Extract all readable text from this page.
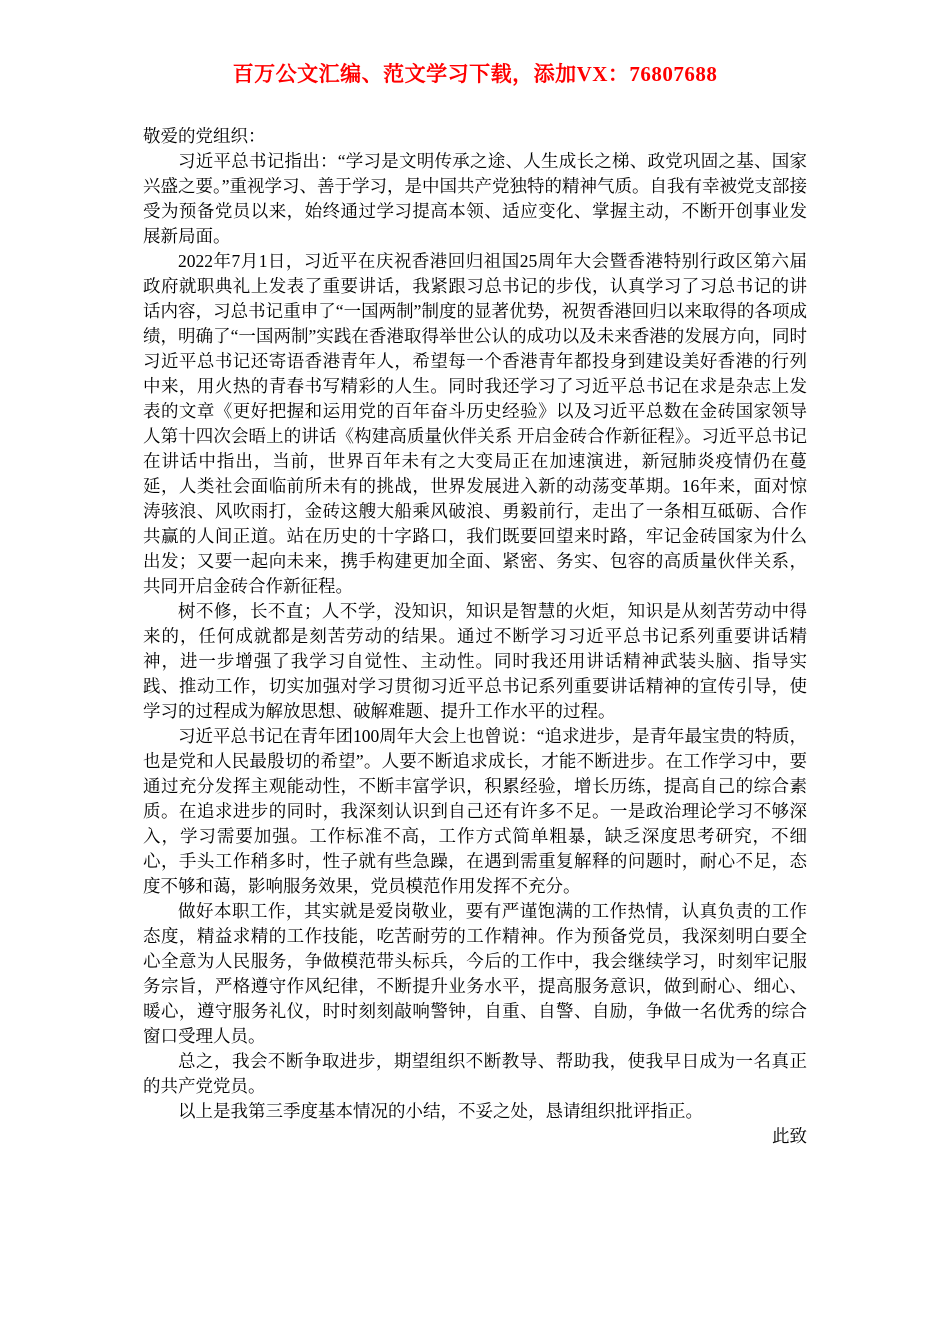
百万公文汇编、范文学习下载，添加VX：76807688

敬爱的党组织：

习近平总书记指出：“学习是文明传承之途、人生成长之梯、政党巩固之基、国家兴盛之要。”重视学习、善于学习，是中国共产党独特的精神气质。自我有幸被党支部接受为预备党员以来，始终通过学习提高本领、适应变化、掌握主动，不断开创事业发展新局面。

2022年7月1日，习近平在庆祝香港回归祖国25周年大会暨香港特别行政区第六届政府就职典礼上发表了重要讲话，我紧跟习总书记的步伐，认真学习了习总书记的讲话内容，习总书记重申了“一国两制”制度的显著优势，祝贺香港回归以来取得的各项成绩，明确了“一国两制”实践在香港取得举世公认的成功以及未来香港的发展方向，同时习近平总书记还寄语香港青年人，希望每一个香港青年都投身到建设美好香港的行列中来，用火热的青春书写精彩的人生。同时我还学习了习近平总书记在求是杂志上发表的文章《更好把握和运用党的百年奋斗历史经验》以及习近平总数在金砖国家领导人第十四次会晤上的讲话《构建高质量伙伴关系 开启金砖合作新征程》。习近平总书记在讲话中指出，当前，世界百年未有之大变局正在加速演进，新冠肺炎疫情仍在蔓延，人类社会面临前所未有的挑战，世界发展进入新的动荡变革期。16年来，面对惊涛骇浪、风吹雨打，金砖这艘大船乘风破浪、勇毅前行，走出了一条相互砥砺、合作共赢的人间正道。站在历史的十字路口，我们既要回望来时路，牢记金砖国家为什么出发；又要一起向未来，携手构建更加全面、紧密、务实、包容的高质量伙伴关系，共同开启金砖合作新征程。

树不修，长不直；人不学，没知识，知识是智慧的火炬，知识是从刻苦劳动中得来的，任何成就都是刻苦劳动的结果。通过不断学习习近平总书记系列重要讲话精神，进一步增强了我学习自觉性、主动性。同时我还用讲话精神武装头脑、指导实践、推动工作，切实加强对学习贯彻习近平总书记系列重要讲话精神的宣传引导，使学习的过程成为解放思想、破解难题、提升工作水平的过程。

习近平总书记在青年团100周年大会上也曾说：“追求进步，是青年最宝贵的特质，也是党和人民最殷切的希望”。人要不断追求成长，才能不断进步。在工作学习中，要通过充分发挥主观能动性，不断丰富学识，积累经验，增长历练，提高自己的综合素质。在追求进步的同时，我深刻认识到自己还有许多不足。一是政治理论学习不够深入，学习需要加强。工作标准不高，工作方式简单粗暴，缺乏深度思考研究，不细心，手头工作稍多时，性子就有些急躁，在遇到需重复解释的问题时，耐心不足，态度不够和蔼，影响服务效果，党员模范作用发挥不充分。

做好本职工作，其实就是爱岗敬业，要有严谨饱满的工作热情，认真负责的工作态度，精益求精的工作技能，吃苦耐劳的工作精神。作为预备党员，我深刻明白要全心全意为人民服务，争做模范带头标兵，今后的工作中，我会继续学习，时刻牢记服务宗旨，严格遵守作风纪律，不断提升业务水平，提高服务意识，做到耐心、细心、暖心，遵守服务礼仪，时时刻刻敲响警钟，自重、自警、自励，争做一名优秀的综合窗口受理人员。

总之，我会不断争取进步，期望组织不断教导、帮助我，使我早日成为一名真正的共产党党员。

以上是我第三季度基本情况的小结，不妥之处，恳请组织批评指正。

此致
